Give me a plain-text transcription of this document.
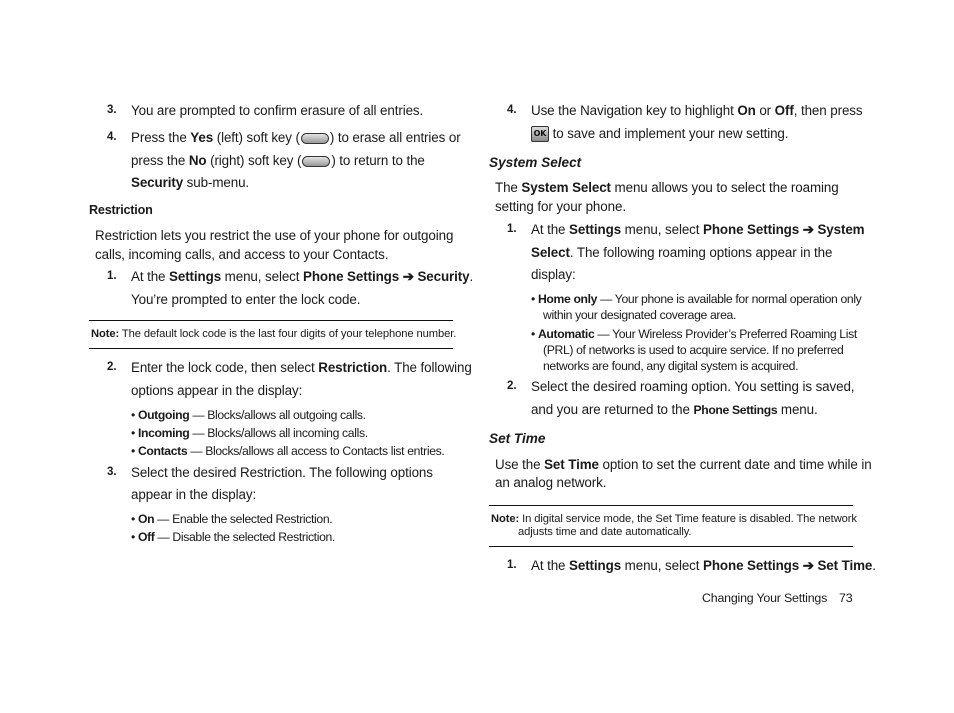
3. You are prompted to confirm erasure of all entries.
4. Press the Yes (left) soft key ( ) to erase all entries or
press the No (right) soft key ( ) to return to the
Security sub-menu.
Restriction
Restriction lets you restrict the use of your phone for outgoing
calls, incoming calls, and access to your Contacts.
1. At the Settings menu, select Phone Settings ➔ Security.
You’re prompted to enter the lock code.
Note: The default lock code is the last four digits of your telephone number.
2. Enter the lock code, then select Restriction. The following
options appear in the display:
• Outgoing — Blocks/allows all outgoing calls.
• Incoming — Blocks/allows all incoming calls.
• Contacts — Blocks/allows all access to Contacts list entries.
3. Select the desired Restriction. The following options
appear in the display:
• On — Enable the selected Restriction.
• Off — Disable the selected Restriction.
4. Use the Navigation key to highlight On or Off, then press
OK to save and implement your new setting.
System Select
The System Select menu allows you to select the roaming
setting for your phone.
1. At the Settings menu, select Phone Settings ➔ System
Select. The following roaming options appear in the
display:
• Home only — Your phone is available for normal operation only
within your designated coverage area.
• Automatic — Your Wireless Provider’s Preferred Roaming List
(PRL) of networks is used to acquire service. If no preferred
networks are found, any digital system is acquired.
2. Select the desired roaming option. You setting is saved,
and you are returned to the Phone Settings menu.
Set Time
Use the Set Time option to set the current date and time while in
an analog network.
Note: In digital service mode, the Set Time feature is disabled. The network
adjusts time and date automatically.
1. At the Settings menu, select Phone Settings ➔ Set Time.
Changing Your Settings 73
